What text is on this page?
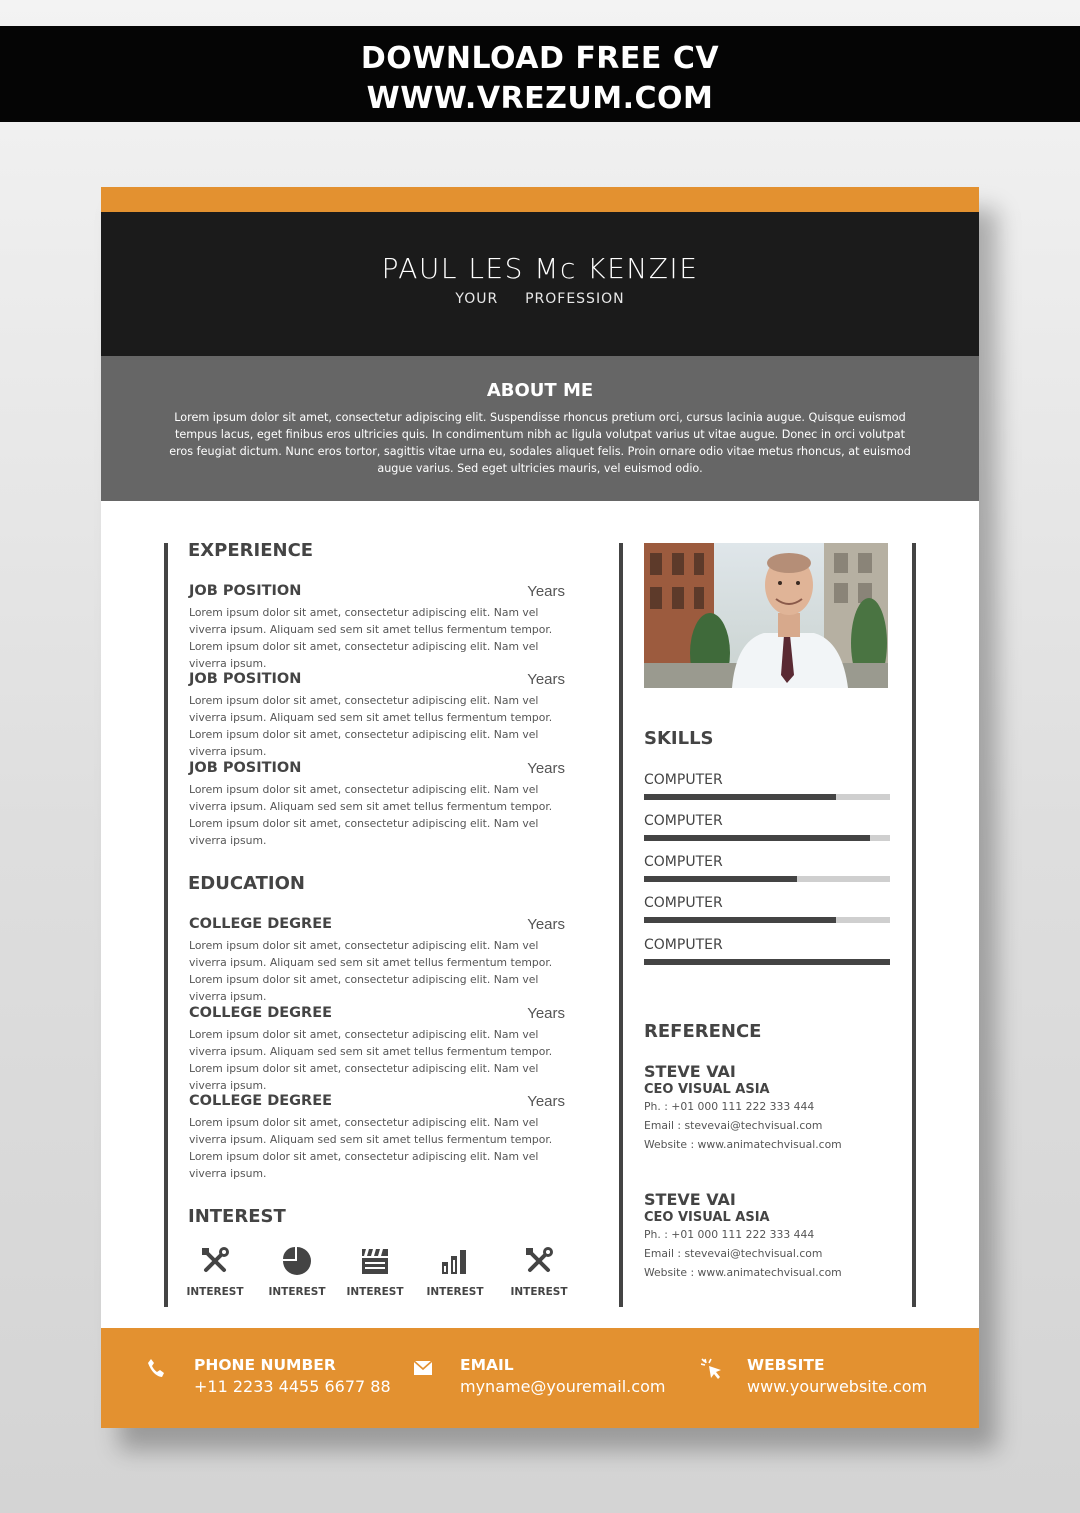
DOWNLOAD FREE CV
WWW.VREZUM.COM
PAUL LES Mc KENZIE
YOUR  PROFESSION
ABOUT ME

Lorem ipsum dolor sit amet, consectetur adipiscing elit. Suspendisse rhoncus pretium orci, cursus lacinia augue. Quisque euismod tempus lacus, eget finibus eros ultricies quis. In condimentum nibh ac ligula volutpat varius ut vitae augue. Donec in orci volutpat eros feugiat dictum. Nunc eros tortor, sagittis vitae urna eu, sodales aliquet felis. Proin ornare odio vitae metus rhoncus, at euismod augue varius. Sed eget ultricies mauris, vel euismod odio.

EXPERIENCE
JOB POSITION	Years

Lorem ipsum dolor sit amet, consectetur adipiscing elit. Nam vel viverra ipsum. Aliquam sed sem sit amet tellus fermentum tempor. Lorem ipsum dolor sit amet, consectetur adipiscing elit. Nam vel viverra ipsum.

JOB POSITION	Years

Lorem ipsum dolor sit amet, consectetur adipiscing elit. Nam vel viverra ipsum. Aliquam sed sem sit amet tellus fermentum tempor. Lorem ipsum dolor sit amet, consectetur adipiscing elit. Nam vel viverra ipsum.

JOB POSITION	Years

Lorem ipsum dolor sit amet, consectetur adipiscing elit. Nam vel viverra ipsum. Aliquam sed sem sit amet tellus fermentum tempor. Lorem ipsum dolor sit amet, consectetur adipiscing elit. Nam vel viverra ipsum.

EDUCATION
COLLEGE DEGREE	Years

Lorem ipsum dolor sit amet, consectetur adipiscing elit. Nam vel viverra ipsum. Aliquam sed sem sit amet tellus fermentum tempor. Lorem ipsum dolor sit amet, consectetur adipiscing elit. Nam vel viverra ipsum.

COLLEGE DEGREE	Years

Lorem ipsum dolor sit amet, consectetur adipiscing elit. Nam vel viverra ipsum. Aliquam sed sem sit amet tellus fermentum tempor. Lorem ipsum dolor sit amet, consectetur adipiscing elit. Nam vel viverra ipsum.

COLLEGE DEGREE	Years

Lorem ipsum dolor sit amet, consectetur adipiscing elit. Nam vel viverra ipsum. Aliquam sed sem sit amet tellus fermentum tempor. Lorem ipsum dolor sit amet, consectetur adipiscing elit. Nam vel viverra ipsum.

INTEREST
INTEREST	INTEREST	INTEREST	INTEREST	INTEREST
SKILLS
COMPUTER
COMPUTER
COMPUTER
COMPUTER
COMPUTER
REFERENCE
STEVE VAI
CEO VISUAL ASIA
Ph. : +01 000 111 222 333 444
Email : stevevai@techvisual.com
Website : www.animatechvisual.com
STEVE VAI
CEO VISUAL ASIA
Ph. : +01 000 111 222 333 444
Email : stevevai@techvisual.com
Website : www.animatechvisual.com
PHONE NUMBER
+11 2233 4455 6677 88
EMAIL
myname@youremail.com
WEBSITE
www.yourwebsite.com
